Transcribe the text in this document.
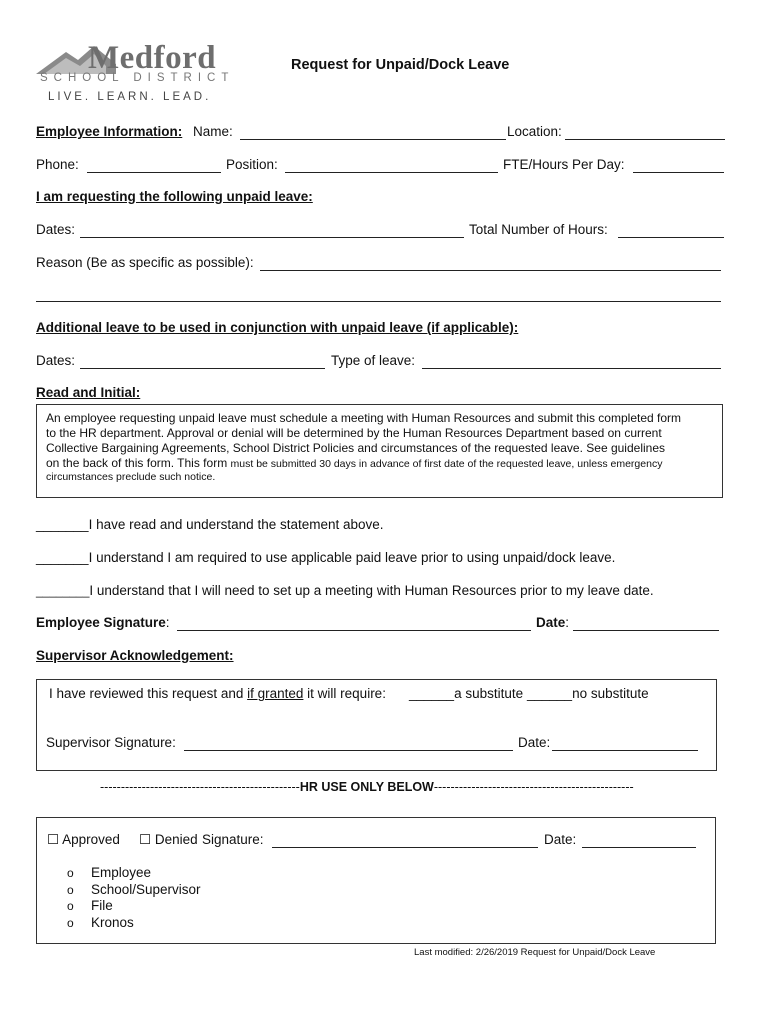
Medford
SCHOOL DISTRICT
LIVE. LEARN. LEAD.
Request for Unpaid/Dock Leave
Employee Information: Name:	Location:
Phone:	Position:	FTE/Hours Per Day:
I am requesting the following unpaid leave:
Dates:	Total Number of Hours:
Reason (Be as specific as possible):
Additional leave to be used in conjunction with unpaid leave (if applicable):
Dates:	Type of leave:
Read and Initial:
An employee requesting unpaid leave must schedule a meeting with Human Resources and submit this completed form
to the HR department. Approval or denial will be determined by the Human Resources Department based on current
Collective Bargaining Agreements, School District Policies and circumstances of the requested leave. See guidelines
on the back of this form. This form must be submitted 30 days in advance of first date of the requested leave, unless emergency
circumstances preclude such notice.
_______I have read and understand the statement above.
_______I understand I am required to use applicable paid leave prior to using unpaid/dock leave.
________I understand that I will need to set up a meeting with Human Resources prior to my leave date.
Employee Signature:	Date:
Supervisor Acknowledgement:
I have reviewed this request and if granted it will require: ______a substitute ______no substitute
Supervisor Signature:	Date:
------------------------------------------------HR USE ONLY BELOW------------------------------------------------
☐ Approved ☐ Denied Signature:	Date:
o Employee
o School/Supervisor
o File
o Kronos
Last modified: 2/26/2019 Request for Unpaid/Dock Leave
